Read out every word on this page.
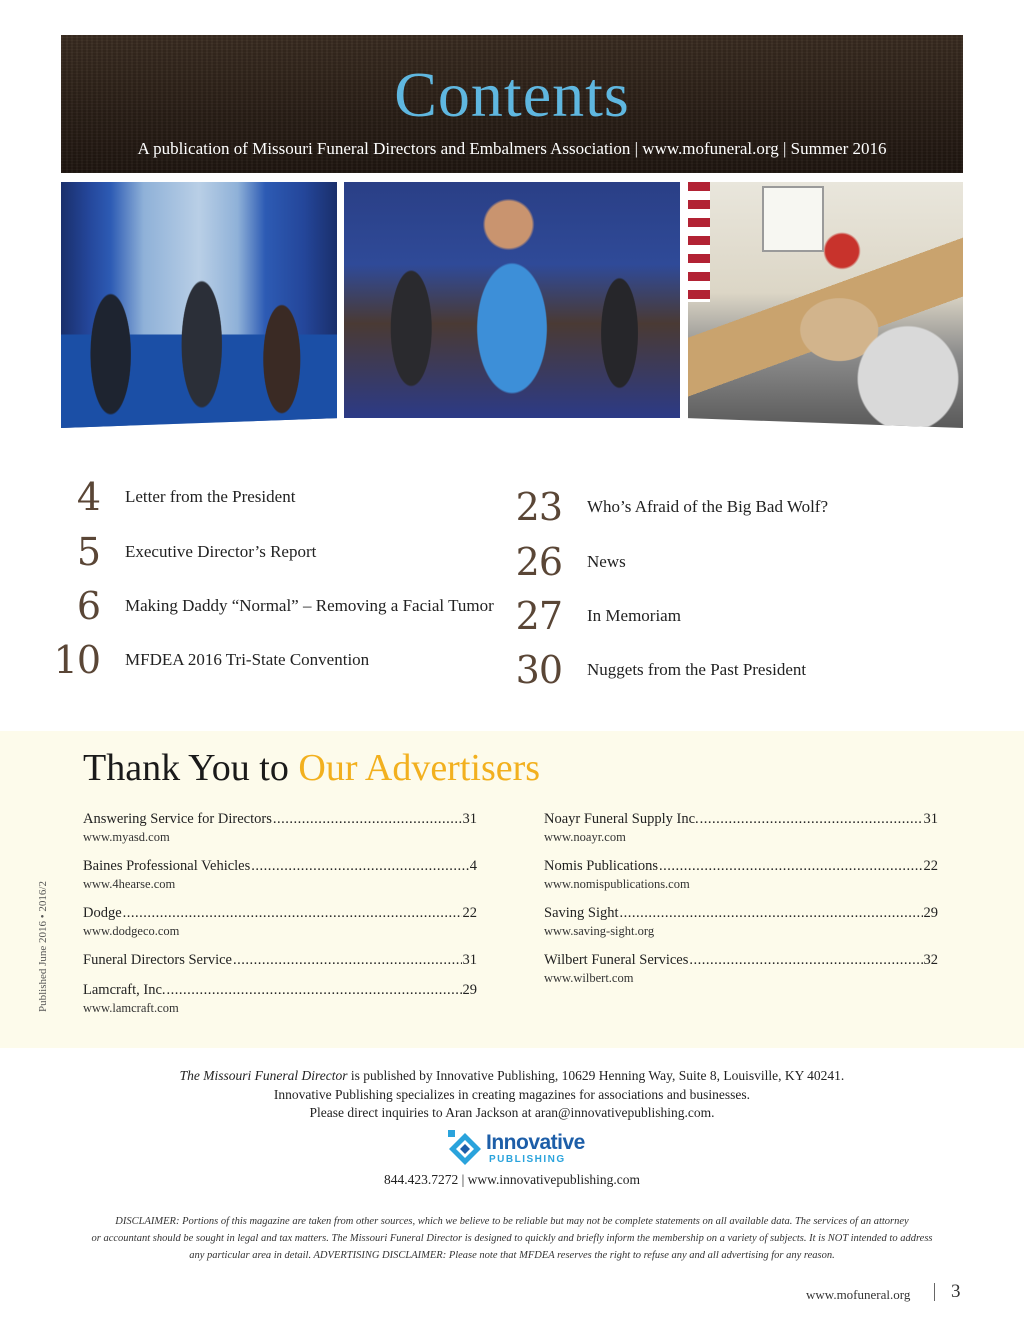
Contents
A publication of Missouri Funeral Directors and Embalmers Association | www.mofuneral.org | Summer 2016
4 Letter from the President
5 Executive Director’s Report
6 Making Daddy “Normal” – Removing a Facial Tumor
10 MFDEA 2016 Tri-State Convention
23 Who’s Afraid of the Big Bad Wolf?
26 News
27 In Memoriam
30 Nuggets from the Past President
Thank You to Our Advertisers
Published June 2016 • 2016/2
Answering Service for Directors .....	31
www.myasd.com
Baines Professional Vehicles .....	4
www.4hearse.com
Dodge .....	22
www.dodgeco.com
Funeral Directors Service .....	31
Lamcraft, Inc. .....	29
www.lamcraft.com
Noayr Funeral Supply Inc. .....	31
www.noayr.com
Nomis Publications .....	22
www.nomispublications.com
Saving Sight .....	29
www.saving-sight.org
Wilbert Funeral Services .....	32
www.wilbert.com
The Missouri Funeral Director is published by Innovative Publishing, 10629 Henning Way, Suite 8, Louisville, KY 40241.
Innovative Publishing specializes in creating magazines for associations and businesses.
Please direct inquiries to Aran Jackson at aran@innovativepublishing.com.
Innovative
PUBLISHING
844.423.7272 | www.innovativepublishing.com
DISCLAIMER: Portions of this magazine are taken from other sources, which we believe to be reliable but may not be complete statements on all available data. The services of an attorney
or accountant should be sought in legal and tax matters. The Missouri Funeral Director is designed to quickly and briefly inform the membership on a variety of subjects. It is NOT intended to address
any particular area in detail. ADVERTISING DISCLAIMER: Please note that MFDEA reserves the right to refuse any and all advertising for any reason.
www.mofuneral.org 3
